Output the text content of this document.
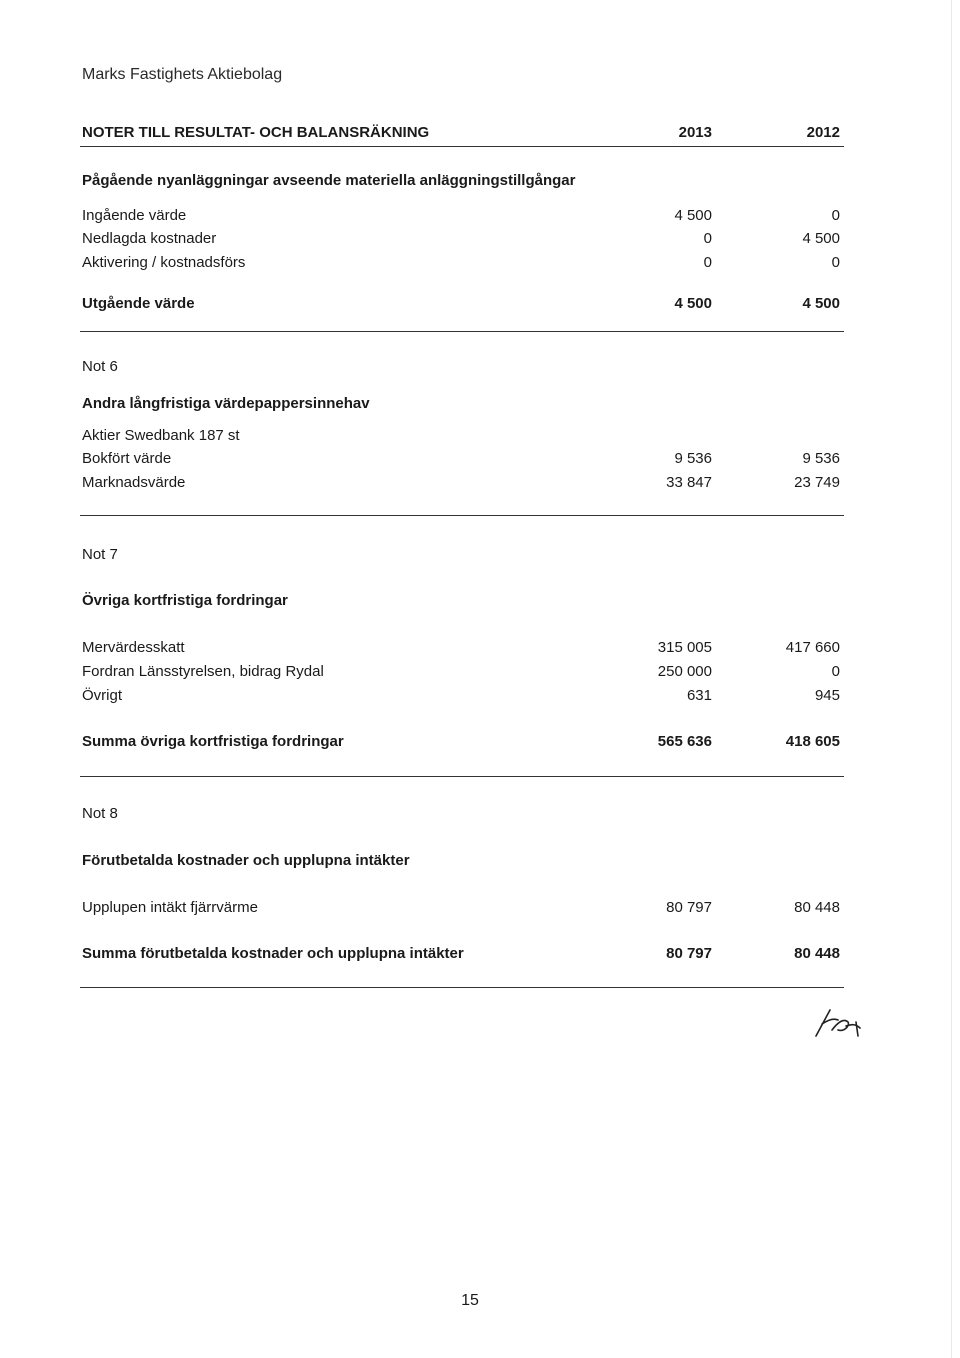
Marks Fastighets Aktiebolag
NOTER TILL RESULTAT- OCH BALANSRÄKNING	2013	2012
Pågående nyanläggningar avseende materiella anläggningstillgångar
Ingående värde	4 500	0
Nedlagda kostnader	0	4 500
Aktivering / kostnadsförs	0	0
Utgående värde	4 500	4 500
Not 6
Andra långfristiga värdepappersinnehav
Aktier Swedbank 187 st
Bokfört värde	9 536	9 536
Marknadsvärde	33 847	23 749
Not 7
Övriga kortfristiga fordringar
Mervärdesskatt	315 005	417 660
Fordran Länsstyrelsen, bidrag Rydal	250 000	0
Övrigt	631	945
Summa övriga kortfristiga fordringar	565 636	418 605
Not 8
Förutbetalda kostnader och upplupna intäkter
Upplupen intäkt fjärrvärme	80 797	80 448
Summa förutbetalda kostnader och upplupna intäkter	80 797	80 448
15
